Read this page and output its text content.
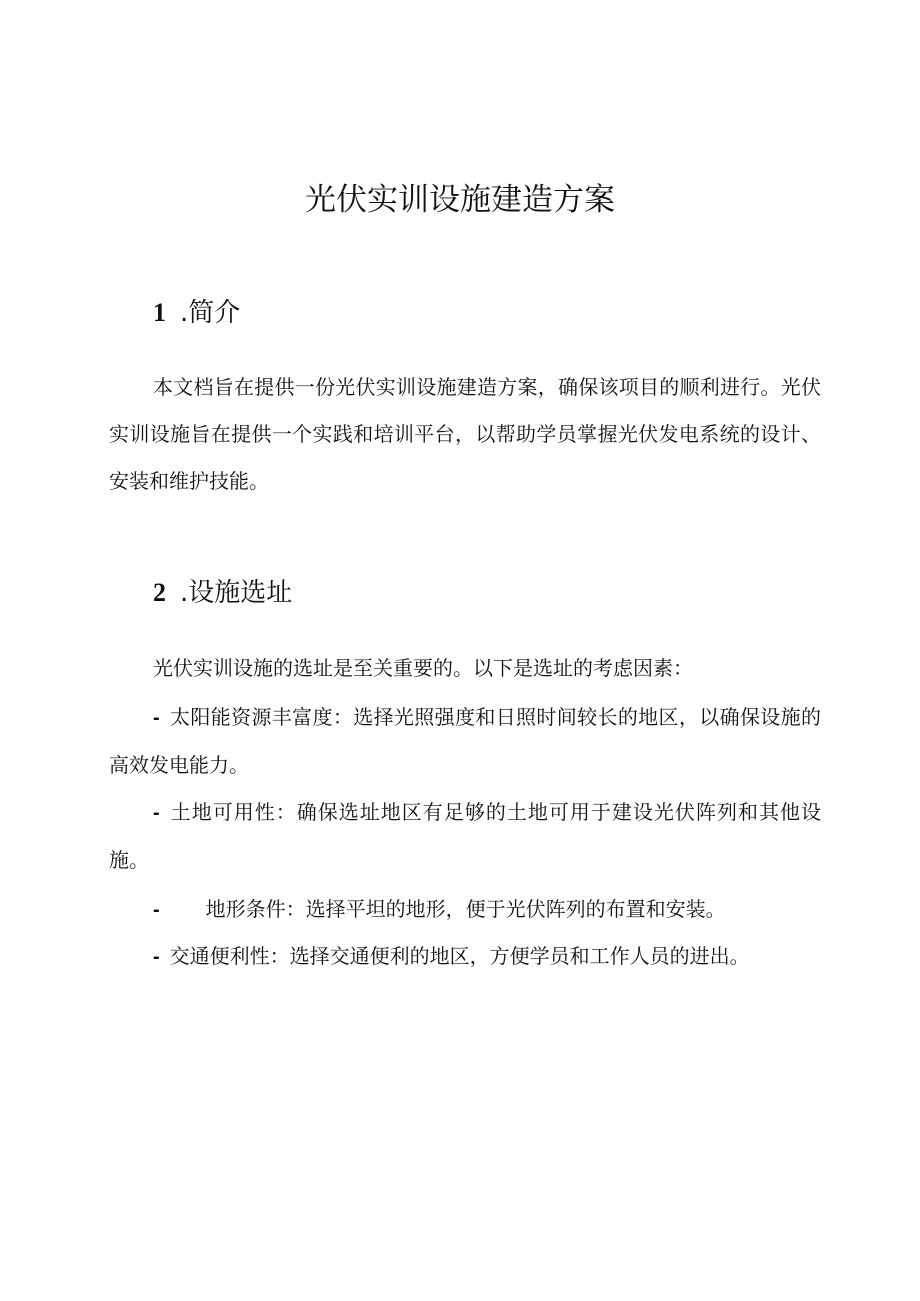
光伏实训设施建造方案
1 .简介

本文档旨在提供一份光伏实训设施建造方案，确保该项目的顺利进行。光伏实训设施旨在提供一个实践和培训平台，以帮助学员掌握光伏发电系统的设计、安装和维护技能。

2 .设施选址

光伏实训设施的选址是至关重要的。以下是选址的考虑因素：

- 太阳能资源丰富度：选择光照强度和日照时间较长的地区，以确保设施的高效发电能力。

- 土地可用性：确保选址地区有足够的土地可用于建设光伏阵列和其他设施。

- 地形条件：选择平坦的地形，便于光伏阵列的布置和安装。

- 交通便利性：选择交通便利的地区，方便学员和工作人员的进出。
